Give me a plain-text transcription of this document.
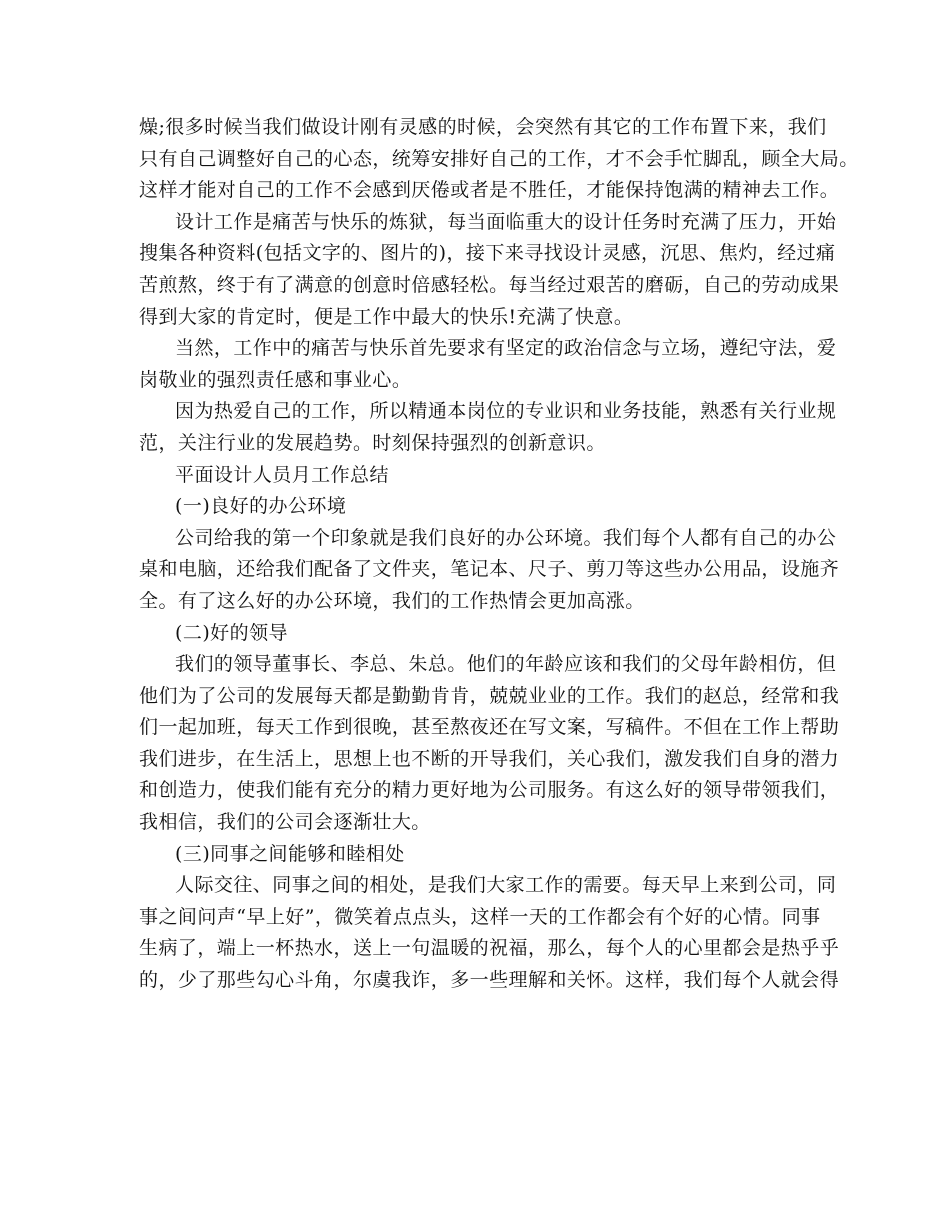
燥;很多时候当我们做设计刚有灵感的时候，会突然有其它的工作布置下来，我们
只有自己调整好自己的心态，统筹安排好自己的工作，才不会手忙脚乱，顾全大局。
这样才能对自己的工作不会感到厌倦或者是不胜任，才能保持饱满的精神去工作。
设计工作是痛苦与快乐的炼狱，每当面临重大的设计任务时充满了压力，开始
搜集各种资料(包括文字的、图片的)，接下来寻找设计灵感，沉思、焦灼，经过痛
苦煎熬，终于有了满意的创意时倍感轻松。每当经过艰苦的磨砺，自己的劳动成果
得到大家的肯定时，便是工作中最大的快乐!充满了快意。
当然，工作中的痛苦与快乐首先要求有坚定的政治信念与立场，遵纪守法，爱
岗敬业的强烈责任感和事业心。
因为热爱自己的工作，所以精通本岗位的专业识和业务技能，熟悉有关行业规
范，关注行业的发展趋势。时刻保持强烈的创新意识。
平面设计人员月工作总结
(一)良好的办公环境
公司给我的第一个印象就是我们良好的办公环境。我们每个人都有自己的办公
桌和电脑，还给我们配备了文件夹，笔记本、尺子、剪刀等这些办公用品，设施齐
全。有了这么好的办公环境，我们的工作热情会更加高涨。
(二)好的领导
我们的领导董事长、李总、朱总。他们的年龄应该和我们的父母年龄相仿，但
他们为了公司的发展每天都是勤勤肯肯，兢兢业业的工作。我们的赵总，经常和我
们一起加班，每天工作到很晚，甚至熬夜还在写文案，写稿件。不但在工作上帮助
我们进步，在生活上，思想上也不断的开导我们，关心我们，激发我们自身的潜力
和创造力，使我们能有充分的精力更好地为公司服务。有这么好的领导带领我们，
我相信，我们的公司会逐渐壮大。
(三)同事之间能够和睦相处
人际交往、同事之间的相处，是我们大家工作的需要。每天早上来到公司，同
事之间问声“早上好”，微笑着点点头，这样一天的工作都会有个好的心情。同事
生病了，端上一杯热水，送上一句温暖的祝福，那么，每个人的心里都会是热乎乎
的，少了那些勾心斗角，尔虞我诈，多一些理解和关怀。这样，我们每个人就会得
